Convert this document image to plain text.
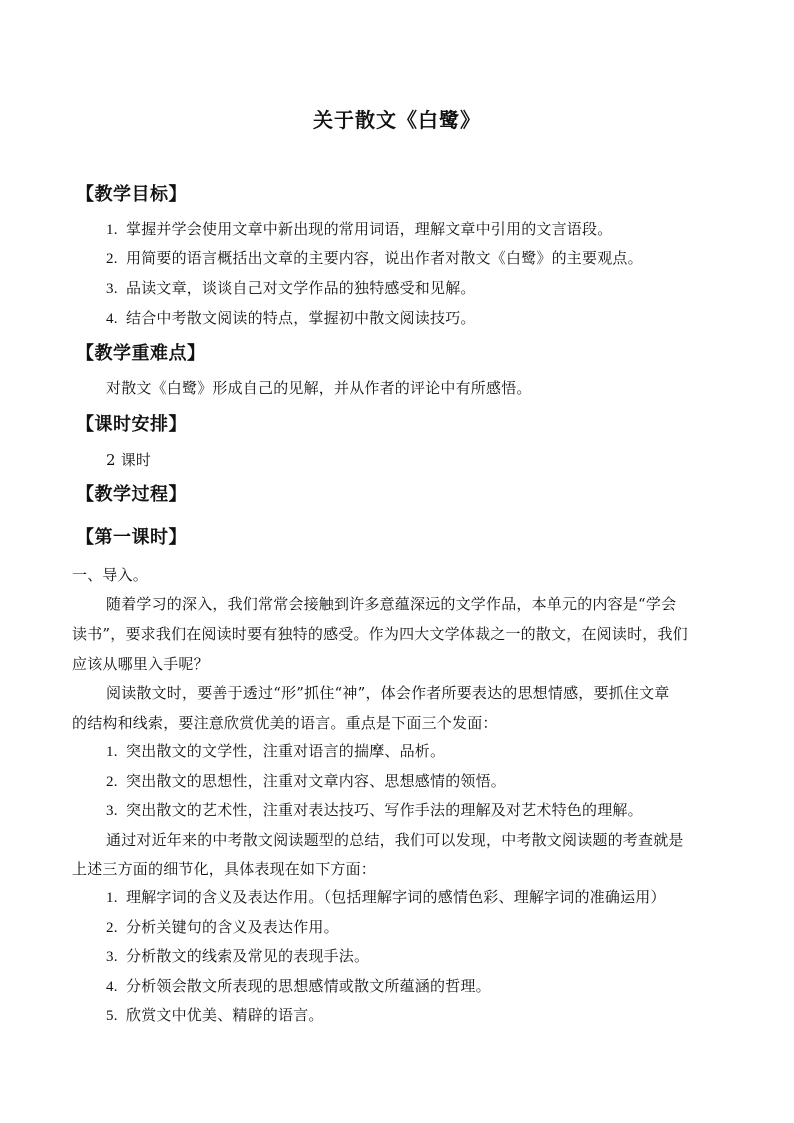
关于散文《白鹭》
【教学目标】
1. 掌握并学会使用文章中新出现的常用词语，理解文章中引用的文言语段。
2. 用简要的语言概括出文章的主要内容，说出作者对散文《白鹭》的主要观点。
3. 品读文章，谈谈自己对文学作品的独特感受和见解。
4. 结合中考散文阅读的特点，掌握初中散文阅读技巧。
【教学重难点】
对散文《白鹭》形成自己的见解，并从作者的评论中有所感悟。
【课时安排】
2 课时
【教学过程】
【第一课时】
一、导入。
随着学习的深入，我们常常会接触到许多意蕴深远的文学作品，本单元的内容是“学会
读书”，要求我们在阅读时要有独特的感受。作为四大文学体裁之一的散文，在阅读时，我们
应该从哪里入手呢？
阅读散文时，要善于透过“形”抓住“神”，体会作者所要表达的思想情感，要抓住文章
的结构和线索，要注意欣赏优美的语言。重点是下面三个发面：
1. 突出散文的文学性，注重对语言的揣摩、品析。
2. 突出散文的思想性，注重对文章内容、思想感情的领悟。
3. 突出散文的艺术性，注重对表达技巧、写作手法的理解及对艺术特色的理解。
通过对近年来的中考散文阅读题型的总结，我们可以发现，中考散文阅读题的考查就是
上述三方面的细节化，具体表现在如下方面：
1. 理解字词的含义及表达作用。（包括理解字词的感情色彩、理解字词的准确运用）
2. 分析关键句的含义及表达作用。
3. 分析散文的线索及常见的表现手法。
4. 分析领会散文所表现的思想感情或散文所蕴涵的哲理。
5. 欣赏文中优美、精辟的语言。
